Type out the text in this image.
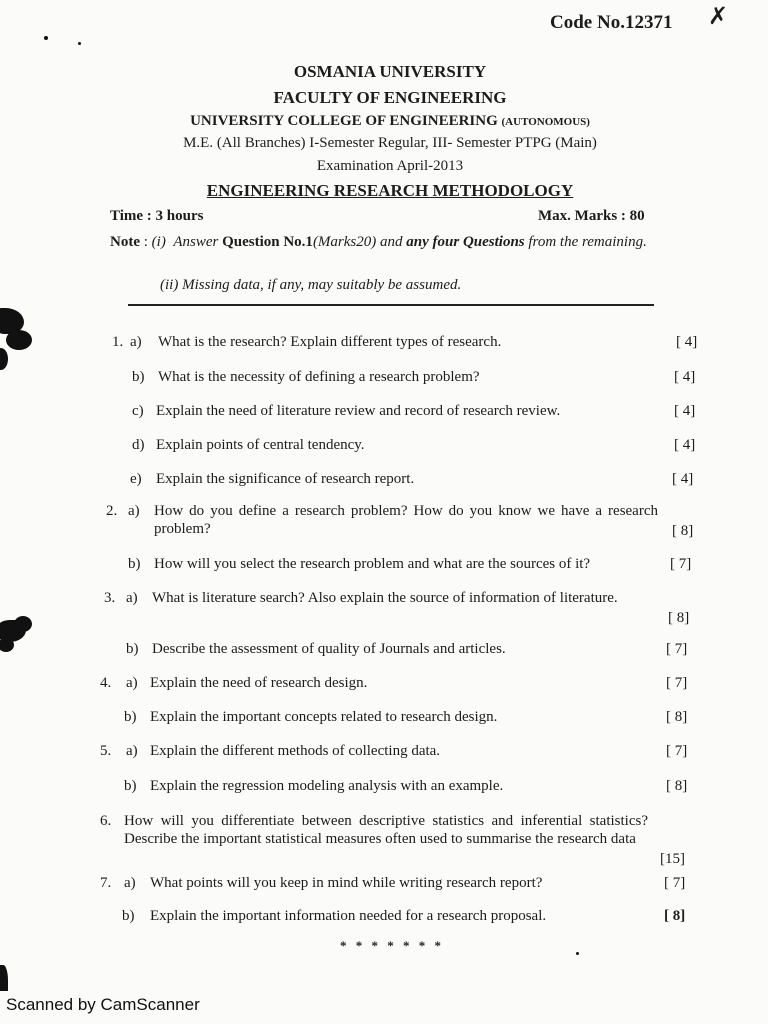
Code No.12371 ✗
OSMANIA UNIVERSITY
FACULTY OF ENGINEERING
UNIVERSITY COLLEGE OF ENGINEERING (AUTONOMOUS)
M.E. (All Branches) I-Semester Regular, III- Semester PTPG (Main)
Examination April-2013
ENGINEERING RESEARCH METHODOLOGY
Time : 3 hours	Max. Marks : 80
Note : (i) Answer Question No.1(Marks20) and any four Questions from the remaining.
(ii) Missing data, if any, may suitably be assumed.
1. a) What is the research? Explain different types of research.	[ 4]
b) What is the necessity of defining a research problem?	[ 4]
c) Explain the need of literature review and record of research review.	[ 4]
d) Explain points of central tendency.	[ 4]
e) Explain the significance of research report.	[ 4]
2. a) How do you define a research problem? How do you know we have a research problem?	[ 8]
b) How will you select the research problem and what are the sources of it?	[ 7]
3. a) What is literature search? Also explain the source of information of literature.
[ 8]
b) Describe the assessment of quality of Journals and articles.	[ 7]
4. a) Explain the need of research design.	[ 7]
b) Explain the important concepts related to research design.	[ 8]
5. a) Explain the different methods of collecting data.	[ 7]
b) Explain the regression modeling analysis with an example.	[ 8]
6. How will you differentiate between descriptive statistics and inferential statistics? Describe the important statistical measures often used to summarise the research data
[15]
7. a) What points will you keep in mind while writing research report?	[ 7]
b) Explain the important information needed for a research proposal.	[ 8]
* * * * * * *
Scanned by CamScanner
